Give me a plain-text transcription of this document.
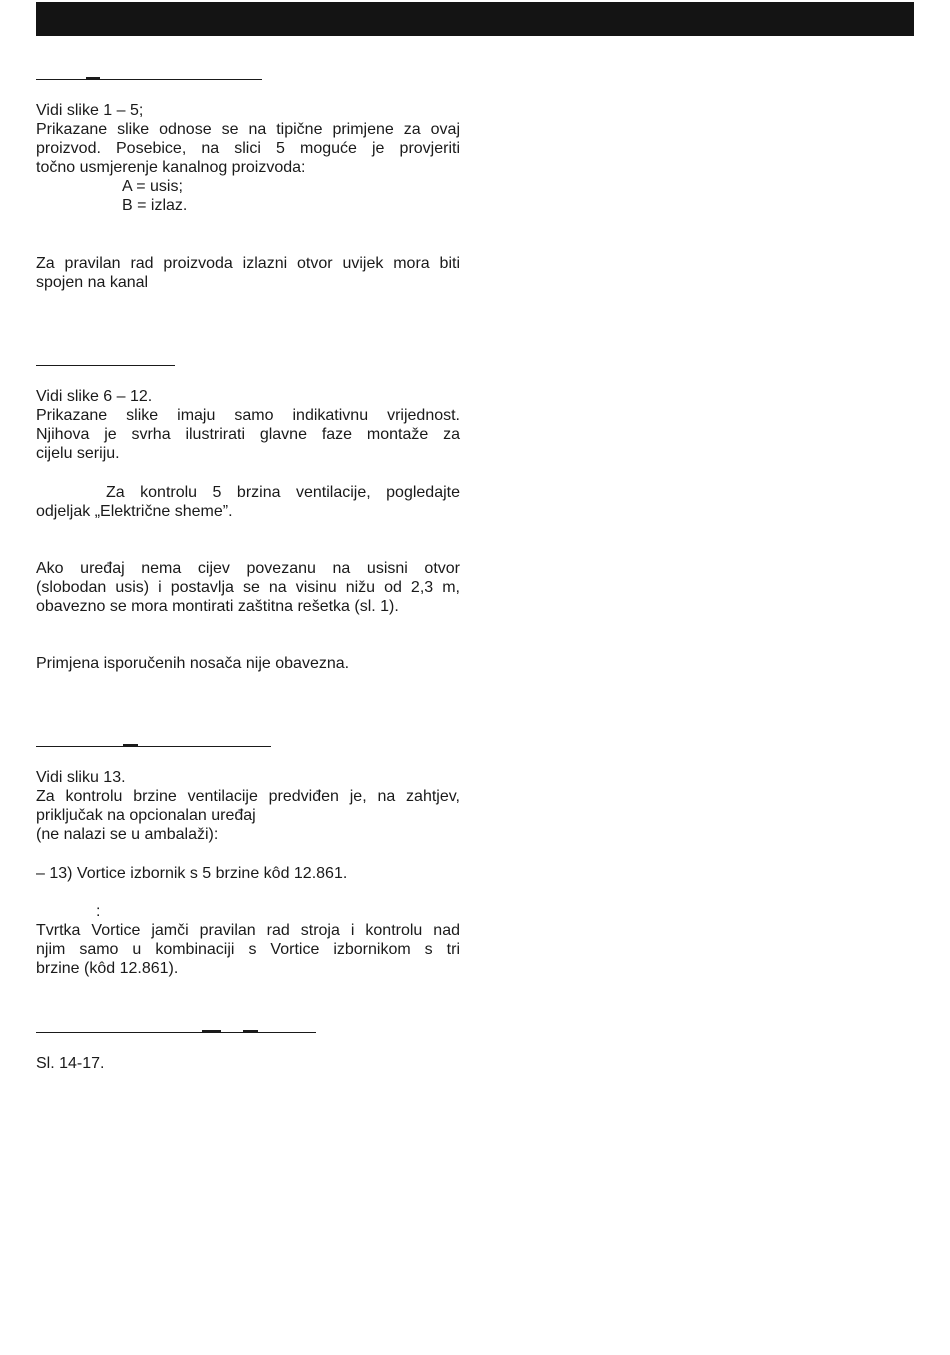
Vidi slike 1 – 5;
Prikazane slike odnose se na tipične primjene za ovaj
proizvod. Posebice, na slici 5 moguće je provjeriti
točno usmjerenje kanalnog proizvoda:
A = usis;
B = izlaz.
Za pravilan rad proizvoda izlazni otvor uvijek mora biti
spojen na kanal
Vidi slike 6 – 12.
Prikazane slike imaju samo indikativnu vrijednost.
Njihova je svrha ilustrirati glavne faze montaže za
cijelu seriju.
Za kontrolu 5 brzina ventilacije, pogledajte
odjeljak „Električne sheme”.
Ako uređaj nema cijev povezanu na usisni otvor
(slobodan usis) i postavlja se na visinu nižu od 2,3 m,
obavezno se mora montirati zaštitna rešetka (sl. 1).
Primjena isporučenih nosača nije obavezna.
Vidi sliku 13.
Za kontrolu brzine ventilacije predviđen je, na zahtjev,
priključak na opcionalan uređaj
(ne nalazi se u ambalaži):
– 13) Vortice izbornik s 5 brzine kôd 12.861.
:
Tvrtka Vortice jamči pravilan rad stroja i kontrolu nad
njim samo u kombinaciji s Vortice izbornikom s tri
brzine (kôd 12.861).
Sl. 14-17.
